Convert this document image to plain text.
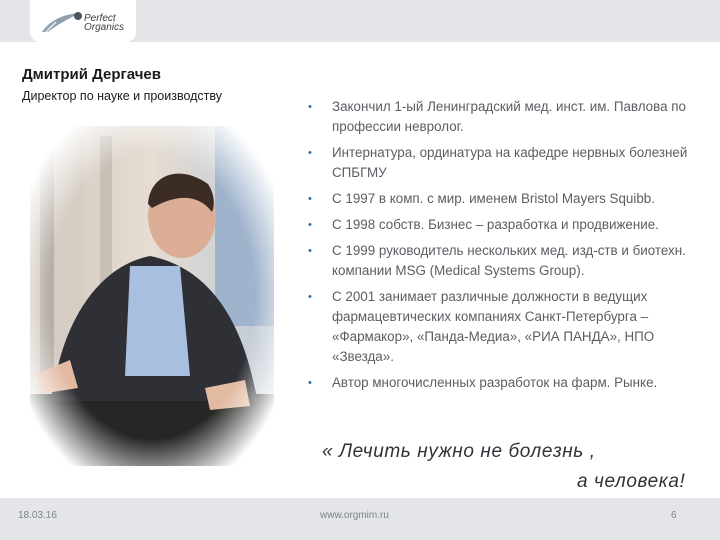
Perfect
Organics
Дмитрий Дергачев
Директор по науке и производству
• Закончил 1-ый Ленинградский мед. инст. им. Павлова по профессии невролог.
• Интернатура, ординатура на кафедре нервных болезней СПБГМУ
• С 1997 в комп. с мир. именем Bristol Mayers Squibb.
• С 1998 собств. Бизнес – разработка и продвижение.
• С 1999 руководитель нескольких мед. изд-ств и биотехн. компании MSG (Medical Systems Group).
• С 2001 занимает различные должности в ведущих фармацевтических компаниях Санкт-Петербурга – «Фармакор», «Панда-Медиа», «РИА ПАНДА», НПО «Звезда».
• Автор многочисленных разработок на фарм. Рынке.
« Лечить нужно не болезнь ,
а человека!
18.03.16	www.orgmim.ru	6
